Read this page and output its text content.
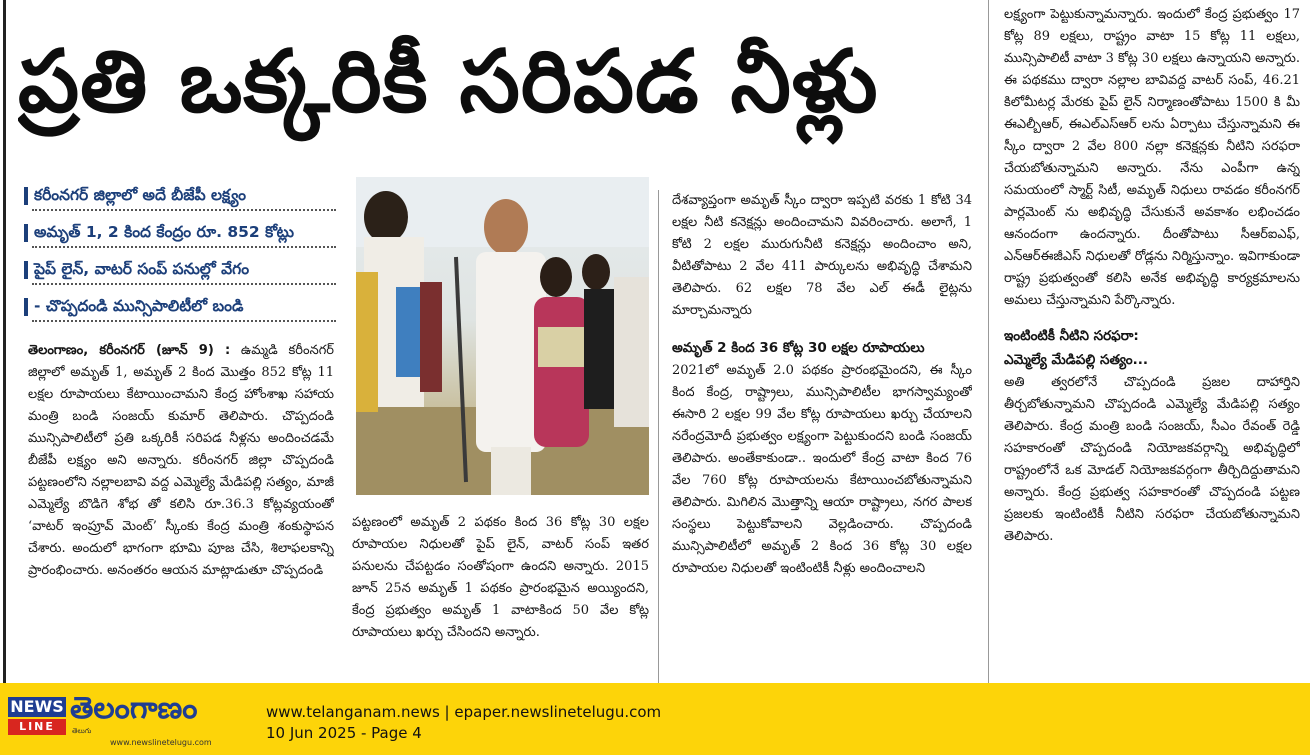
ప్రతి ఒక్కరికీ సరిపడ నీళ్లు
కరీంనగర్ జిల్లాలో అదే బీజేపీ లక్ష్యం
అమృత్ 1, 2 కింద కేంద్రం రూ. 852 కోట్లు
పైప్ లైన్, వాటర్ సంప్ పనుల్లో వేగం
- చొప్పదండి మున్సిపాలిటీలో బండి

తెలంగాణం, కరీంనగర్ (జూన్ 9) : ఉమ్మడి కరీంనగర్ జిల్లాలో అమృత్ 1, అమృత్ 2 కింద మొత్తం 852 కోట్ల 11 లక్షల రూపాయలు కేటాయించామని కేంద్ర హోంశాఖ సహాయ మంత్రి బండి సంజయ్ కుమార్ తెలిపారు. చొప్పదండి మున్సిపాలిటీలో ప్రతి ఒక్కరికీ సరిపడ నీళ్లను అందించడమే బీజేపీ లక్ష్యం అని అన్నారు. కరీంనగర్ జిల్లా చొప్పదండి పట్టణంలోని నల్లాలబావి వద్ద ఎమ్మెల్యే మేడిపల్లి సత్యం, మాజీ ఎమ్మెల్యే బొడిగె శోభ తో కలిసి రూ.36.3 కోట్లవ్యయంతో ‘వాటర్ ఇంప్రూవ్ మెంట్’ స్కీంకు కేంద్ర మంత్రి శంకుస్థాపన చేశారు. అందులో భాగంగా భూమి పూజ చేసి, శిలాఫలకాన్ని ప్రారంభించారు. అనంతరం ఆయన మాట్లాడుతూ చొప్పదండి

పట్టణంలో అమృత్ 2 పథకం కింద 36 కోట్ల 30 లక్షల రూపాయల నిధులతో పైప్ లైన్, వాటర్ సంప్ ఇతర పనులను చేపట్టడం సంతోషంగా ఉందని అన్నారు. 2015 జూన్ 25న అమృత్ 1 పథకం ప్రారంభమైన అయ్యిందని, కేంద్ర ప్రభుత్వం అమృత్ 1 వాటాకింద 50 వేల కోట్ల రూపాయలు ఖర్చు చేసిందని అన్నారు.

దేశవ్యాప్తంగా అమృత్ స్కీం ద్వారా ఇప్పటి వరకు 1 కోటి 34 లక్షల నీటి కనెక్షన్లు అందించామని వివరించారు. అలాగే, 1 కోటి 2 లక్షల మురుగునీటి కనెక్షన్లు అందించాం అని, వీటితోపాటు 2 వేల 411 పార్కులను అభివృద్ధి చేశామని తెలిపారు. 62 లక్షల 78 వేల ఎల్ ఈడీ లైట్లను మార్చామన్నారు

అమృత్ 2 కింద 36 కోట్ల 30 లక్షల రూపాయలు

2021లో అమృత్ 2.0 పథకం ప్రారంభమైందని, ఈ స్కీం కింద కేంద్ర, రాష్ట్రాలు, మున్సిపాలిటీల భాగస్వామ్యంతో ఈసారి 2 లక్షల 99 వేల కోట్ల రూపాయలు ఖర్చు చేయాలని నరేంద్రమోదీ ప్రభుత్వం లక్ష్యంగా పెట్టుకుందని బండి సంజయ్ తెలిపారు. అంతేకాకుండా.. ఇందులో కేంద్ర వాటా కింద 76 వేల 760 కోట్ల రూపాయలను కేటాయించబోతున్నామని తెలిపారు. మిగిలిన మొత్తాన్ని ఆయా రాష్ట్రాలు, నగర పాలక సంస్థలు పెట్టుకోవాలని వెల్లడించారు. చొప్పదండి మున్సిపాలిటీలో అమృత్ 2 కింద 36 కోట్ల 30 లక్షల రూపాయల నిధులతో ఇంటింటికీ నీళ్లు అందించాలని

లక్ష్యంగా పెట్టుకున్నామన్నారు. ఇందులో కేంద్ర ప్రభుత్వం 17 కోట్ల 89 లక్షలు, రాష్ట్రం వాటా 15 కోట్ల 11 లక్షలు, మున్సిపాలిటీ వాటా 3 కోట్ల 30 లక్షలు ఉన్నాయని అన్నారు. ఈ పథకము ద్వారా నల్లాల బావివద్ద వాటర్ సంప్, 46.21 కిలోమీటర్ల మేరకు పైప్ లైన్ నిర్మాణంతోపాటు 1500 కి మీ ఈఎల్బీఆర్, ఈఎల్ఎస్ఆర్ లను ఏర్పాటు చేస్తున్నామని ఈ స్కీం ద్వారా 2 వేల 800 నల్లా కనెక్షన్లకు నీటిని సరఫరా చేయబోతున్నామని అన్నారు. నేను ఎంపీగా ఉన్న సమయంలో స్మార్ట్ సిటీ, అమృత్ నిధులు రావడం కరీంనగర్ పార్లమెంట్ ను అభివృద్ధి చేసుకునే అవకాశం లభించడం ఆనందంగా ఉందన్నారు. దీంతోపాటు సీఆర్ఐఎఫ్, ఎన్ఆర్ఈజీఎస్ నిధులతో రోడ్లను నిర్మిస్తున్నాం. ఇవిగాకుండా రాష్ట్ర ప్రభుత్వంతో కలిసి అనేక అభివృద్ధి కార్యక్రమాలను అమలు చేస్తున్నామని పేర్కొన్నారు.

ఇంటింటికీ నీటిని సరఫరా:
ఎమ్మెల్యే మేడిపల్లి సత్యం...

అతి త్వరలోనే చొప్పదండి ప్రజల దాహార్తిని తీర్చబోతున్నామని చొప్పదండి ఎమ్మెల్యే మేడిపల్లి సత్యం తెలిపారు. కేంద్ర మంత్రి బండి సంజయ్, సీఎం రేవంత్ రెడ్డి సహకారంతో చొప్పదండి నియోజకవర్గాన్ని అభివృద్ధిలో రాష్ట్రంలోనే ఒక మోడల్ నియోజకవర్గంగా తీర్చిదిద్దుతామని అన్నారు. కేంద్ర ప్రభుత్వ సహకారంతో చొప్పదండి పట్టణ ప్రజలకు ఇంటింటికీ నీటిని సరఫరా చేయబోతున్నామని తెలిపారు.

NEWS
LINE
తెలంగాణం
తెలుగు
www.newslinetelugu.com
www.telanganam.news | epaper.newslinetelugu.com
10 Jun 2025 - Page 4
